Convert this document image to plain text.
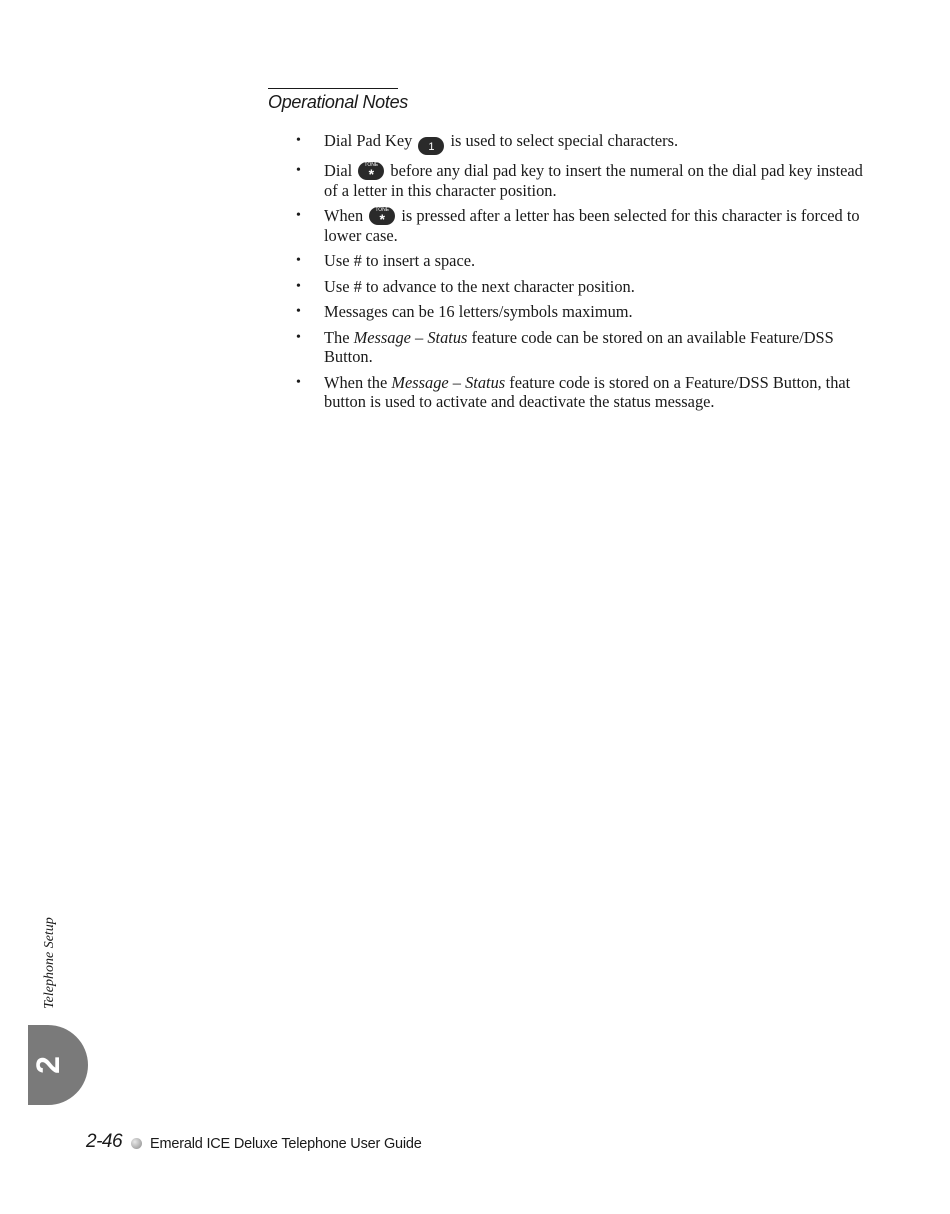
Operational Notes
• Dial Pad Key 1 is used to select special characters.
• Dial	TONE
* before any dial pad key to insert the numeral on the dial pad key instead of a letter in this character position.
• When	TONE
* is pressed after a letter has been selected for this character is forced to lower case.
• Use # to insert a space.
• Use # to advance to the next character position.
• Messages can be 16 letters/symbols maximum.
• The Message – Status feature code can be stored on an available Feature/DSS Button.
• When the Message – Status feature code is stored on a Feature/DSS Button, that button is used to activate and deactivate the status message.
Telephone Setup
2
2-46 Emerald ICE Deluxe Telephone User Guide
